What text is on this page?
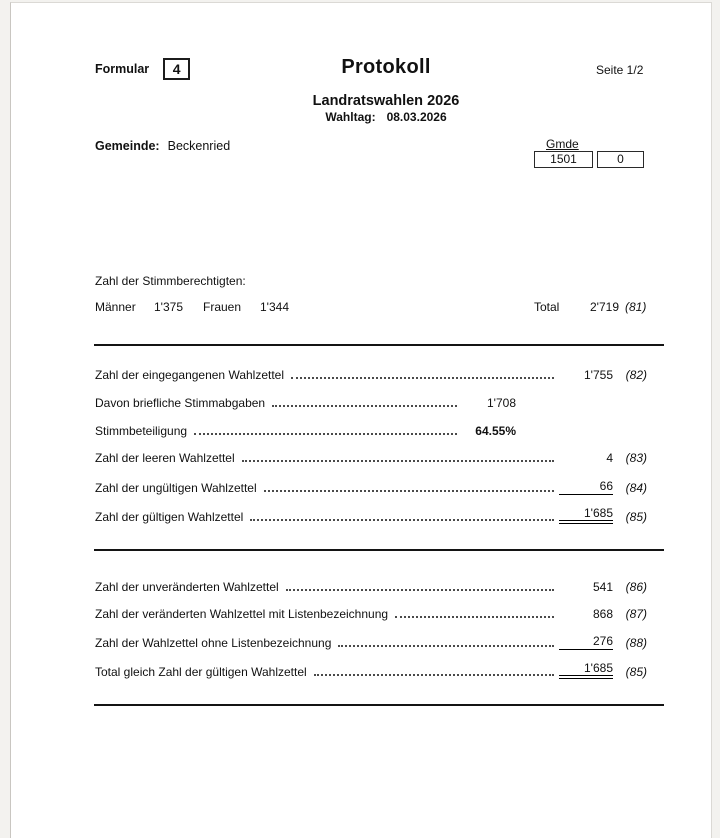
Formular	4	Protokoll	Seite 1/2
Landratswahlen 2026
Wahltag: 08.03.2026
Gemeinde: Beckenried	Gmde
1501	0
Zahl der Stimmberechtigten:
Männer	1'375 Frauen	1'344	Total	2'719 (81)
Zahl der eingegangenen Wahlzettel	1'755	(82)
Davon briefliche Stimmabgaben	1'708
Stimmbeteiligung	64.55%
Zahl der leeren Wahlzettel	4	(83)
Zahl der ungültigen Wahlzettel	66	(84)
Zahl der gültigen Wahlzettel	1'685	(85)
Zahl der unveränderten Wahlzettel	541	(86)
Zahl der veränderten Wahlzettel mit Listenbezeichnung	868	(87)
Zahl der Wahlzettel ohne Listenbezeichnung	276	(88)
Total gleich Zahl der gültigen Wahlzettel	1'685	(85)
